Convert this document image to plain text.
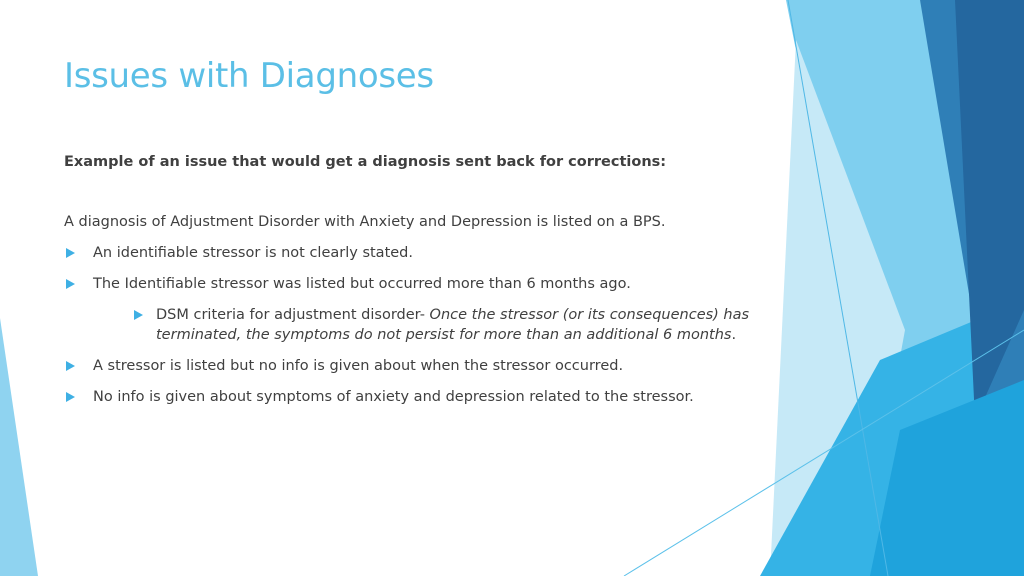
Issues with Diagnoses

Example of an issue that would get a diagnosis sent back for corrections:

A diagnosis of Adjustment Disorder with Anxiety and Depression is listed on a BPS.

An identifiable stressor is not clearly stated.
The Identifiable stressor was listed but occurred more than 6 months ago.
DSM criteria for adjustment disorder- Once the stressor (or its consequences) has terminated, the symptoms do not persist for more than an additional 6 months.
A stressor is listed but no info is given about when the stressor occurred.
No info is given about symptoms of anxiety and depression related to the stressor.
